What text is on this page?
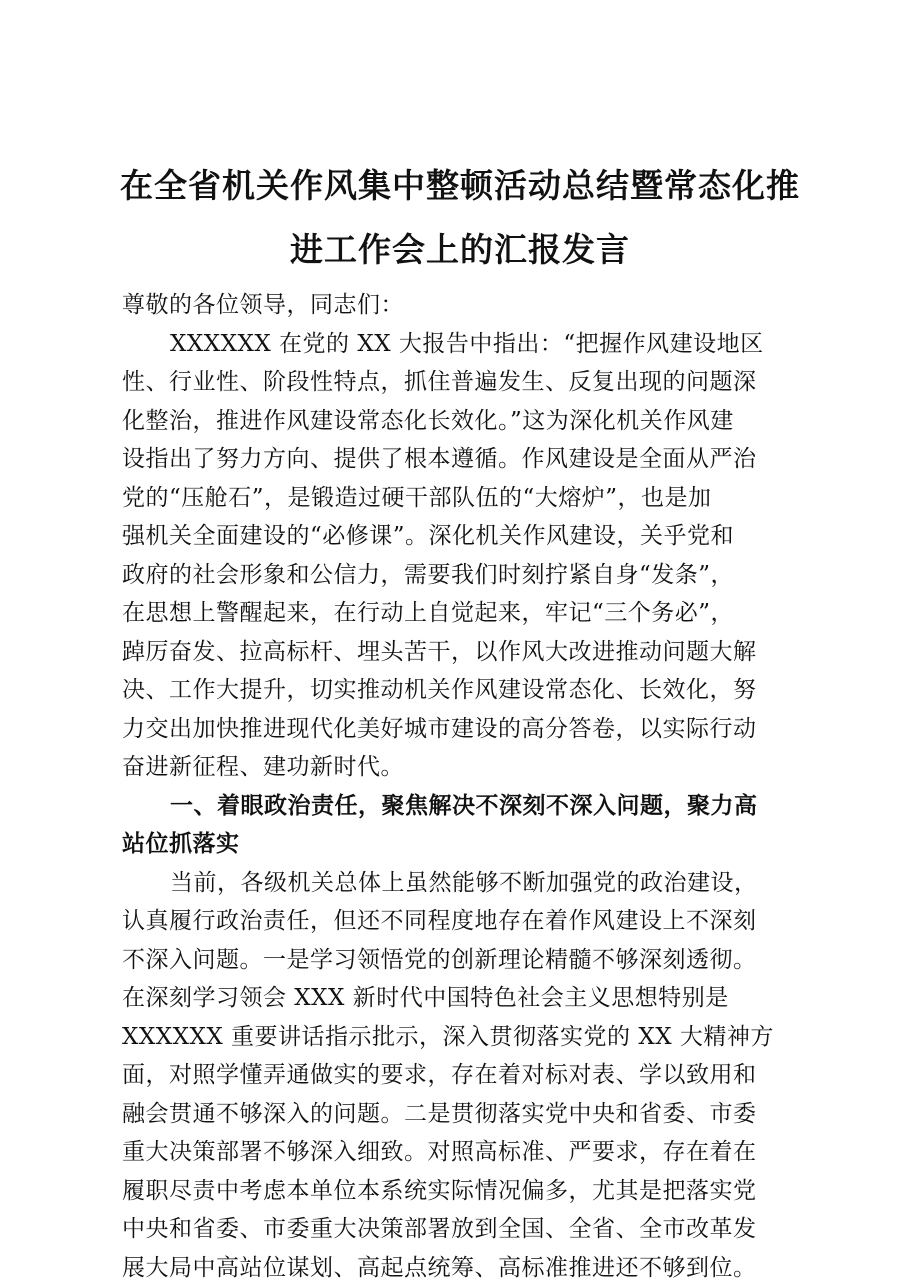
在全省机关作风集中整顿活动总结暨常态化推
进工作会上的汇报发言
尊敬的各位领导，同志们：
XXXXXX 在党的 XX 大报告中指出：“把握作风建设地区
性、行业性、阶段性特点，抓住普遍发生、反复出现的问题深
化整治，推进作风建设常态化长效化。”这为深化机关作风建
设指出了努力方向、提供了根本遵循。作风建设是全面从严治
党的“压舱石”，是锻造过硬干部队伍的“大熔炉”，也是加
强机关全面建设的“必修课”。深化机关作风建设，关乎党和
政府的社会形象和公信力，需要我们时刻拧紧自身“发条”，
在思想上警醒起来，在行动上自觉起来，牢记“三个务必”，
踔厉奋发、拉高标杆、埋头苦干，以作风大改进推动问题大解
决、工作大提升，切实推动机关作风建设常态化、长效化，努
力交出加快推进现代化美好城市建设的高分答卷，以实际行动
奋进新征程、建功新时代。
一、着眼政治责任，聚焦解决不深刻不深入问题，聚力高
站位抓落实
当前，各级机关总体上虽然能够不断加强党的政治建设，
认真履行政治责任，但还不同程度地存在着作风建设上不深刻
不深入问题。一是学习领悟党的创新理论精髓不够深刻透彻。
在深刻学习领会 XXX 新时代中国特色社会主义思想特别是
XXXXXX 重要讲话指示批示，深入贯彻落实党的 XX 大精神方
面，对照学懂弄通做实的要求，存在着对标对表、学以致用和
融会贯通不够深入的问题。二是贯彻落实党中央和省委、市委
重大决策部署不够深入细致。对照高标准、严要求，存在着在
履职尽责中考虑本单位本系统实际情况偏多，尤其是把落实党
中央和省委、市委重大决策部署放到全国、全省、全市改革发
展大局中高站位谋划、高起点统筹、高标准推进还不够到位。
